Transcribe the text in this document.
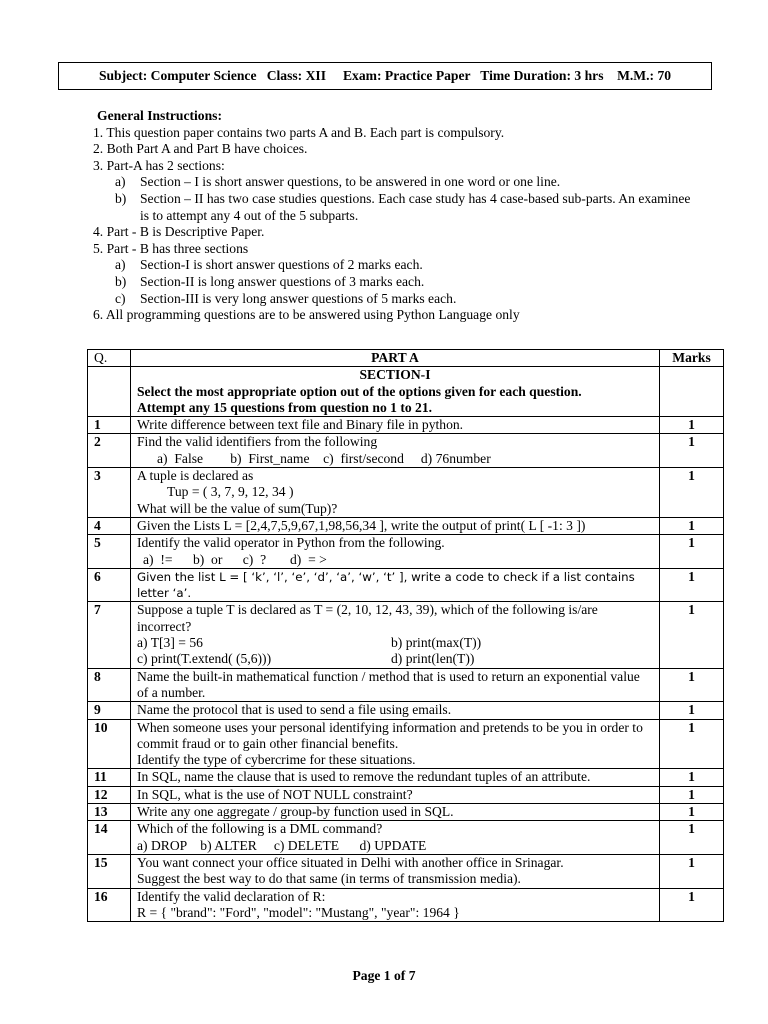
Subject: Computer Science   Class: XII     Exam: Practice Paper   Time Duration: 3 hrs    M.M.: 70
General Instructions:
1. This question paper contains two parts A and B. Each part is compulsory.
2. Both Part A and Part B have choices.
3. Part-A has 2 sections:
a)	Section – I is short answer questions, to be answered in one word or one line.
b)	Section – II has two case studies questions. Each case study has 4 case-based sub-parts. An examinee is to attempt any 4 out of the 5 subparts.
4. Part - B is Descriptive Paper.
5. Part - B has three sections
a)	Section-I is short answer questions of 2 marks each.
b)	Section-II is long answer questions of 3 marks each.
c)	Section-III is very long answer questions of 5 marks each.
6. All programming questions are to be answered using Python Language only
Q.	PART A	Marks

	SECTION-I
Select the most appropriate option out of the options given for each question.
Attempt any 15 questions from question no 1 to 21.	

1	Write difference between text file and Binary file in python.	1
2	Find the valid identifiers from the following
a)  False        b)  First_name    c)  first/second     d) 76number	1
3	A tuple is declared as
Tup = ( 3, 7, 9, 12, 34 )
What will be the value of sum(Tup)?	1
4	Given the Lists L = [2,4,7,5,9,67,1,98,56,34 ], write the output of print( L [ -1: 3 ])	1
5	Identify the valid operator in Python from the following.
a)  !=      b)  or      c)  ?       d)  = >	1
6	Given the list L = [ ‘k’, ‘l’, ‘e’, ‘d’, ‘a’, ‘w’, ‘t’ ], write a code to check if a list contains letter ‘a’.	1
7	Suppose a tuple T is declared as T = (2, 10, 12, 43, 39), which of the following is/are incorrect?
a) T[3] = 56 b) print(max(T))
c) print(T.extend( (5,6))) d) print(len(T))	1
8	Name the built-in mathematical function / method that is used to return an exponential value of a number.	1
9	Name the protocol that is used to send a file using emails.	1
10	When someone uses your personal identifying information and pretends to be you in order to commit fraud or to gain other financial benefits.
Identify the type of cybercrime for these situations.	1
11	In SQL, name the clause that is used to remove the redundant tuples of an attribute.	1
12	In SQL, what is the use of NOT NULL constraint?	1
13	Write any one aggregate / group-by function used in SQL.	1
14	Which of the following is a DML command?
a) DROP    b) ALTER     c) DELETE      d) UPDATE	1
15	You want connect your office situated in Delhi with another office in Srinagar.
Suggest the best way to do that same (in terms of transmission media).	1
16	Identify the valid declaration of R:
R = { "brand": "Ford", "model": "Mustang", "year": 1964 }	1
Page 1 of 7
